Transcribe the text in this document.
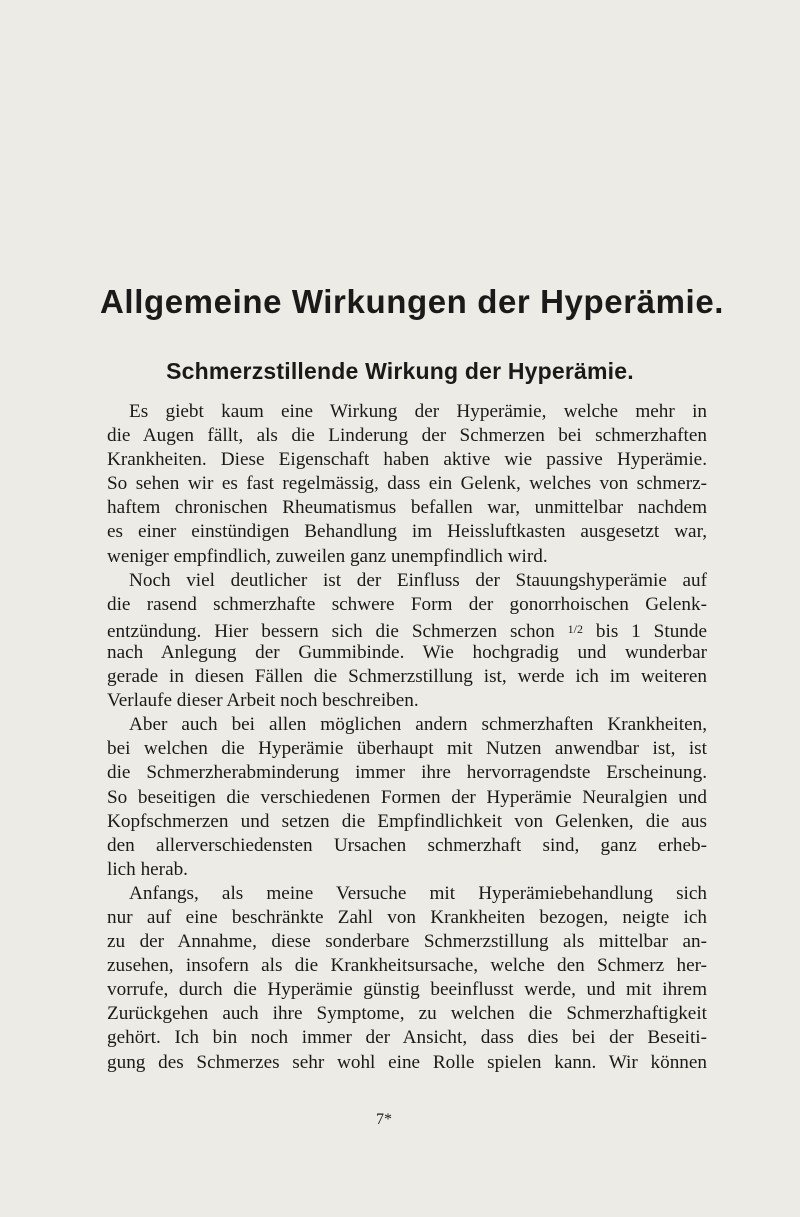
Allgemeine Wirkungen der Hyperämie.
Schmerzstillende Wirkung der Hyperämie.
Es giebt kaum eine Wirkung der Hyperämie, welche mehr in
die Augen fällt, als die Linderung der Schmerzen bei schmerzhaften
Krankheiten. Diese Eigenschaft haben aktive wie passive Hyperämie.
So sehen wir es fast regelmässig, dass ein Gelenk, welches von schmerz-
haftem chronischen Rheumatismus befallen war, unmittelbar nachdem
es einer einstündigen Behandlung im Heissluftkasten ausgesetzt war,
weniger empfindlich, zuweilen ganz unempfindlich wird.
Noch viel deutlicher ist der Einfluss der Stauungshyperämie auf
die rasend schmerzhafte schwere Form der gonorrhoischen Gelenk-
entzündung. Hier bessern sich die Schmerzen schon $^{1/2}$ bis 1 Stunde
nach Anlegung der Gummibinde. Wie hochgradig und wunderbar
gerade in diesen Fällen die Schmerzstillung ist, werde ich im weiteren
Verlaufe dieser Arbeit noch beschreiben.
Aber auch bei allen möglichen andern schmerzhaften Krankheiten,
bei welchen die Hyperämie überhaupt mit Nutzen anwendbar ist, ist
die Schmerzherabminderung immer ihre hervorragendste Erscheinung.
So beseitigen die verschiedenen Formen der Hyperämie Neuralgien und
Kopfschmerzen und setzen die Empfindlichkeit von Gelenken, die aus
den allerverschiedensten Ursachen schmerzhaft sind, ganz erheb-
lich herab.
Anfangs, als meine Versuche mit Hyperämiebehandlung sich
nur auf eine beschränkte Zahl von Krankheiten bezogen, neigte ich
zu der Annahme, diese sonderbare Schmerzstillung als mittelbar an-
zusehen, insofern als die Krankheitsursache, welche den Schmerz her-
vorrufe, durch die Hyperämie günstig beeinflusst werde, und mit ihrem
Zurückgehen auch ihre Symptome, zu welchen die Schmerzhaftigkeit
gehört. Ich bin noch immer der Ansicht, dass dies bei der Beseiti-
gung des Schmerzes sehr wohl eine Rolle spielen kann. Wir können
7*
